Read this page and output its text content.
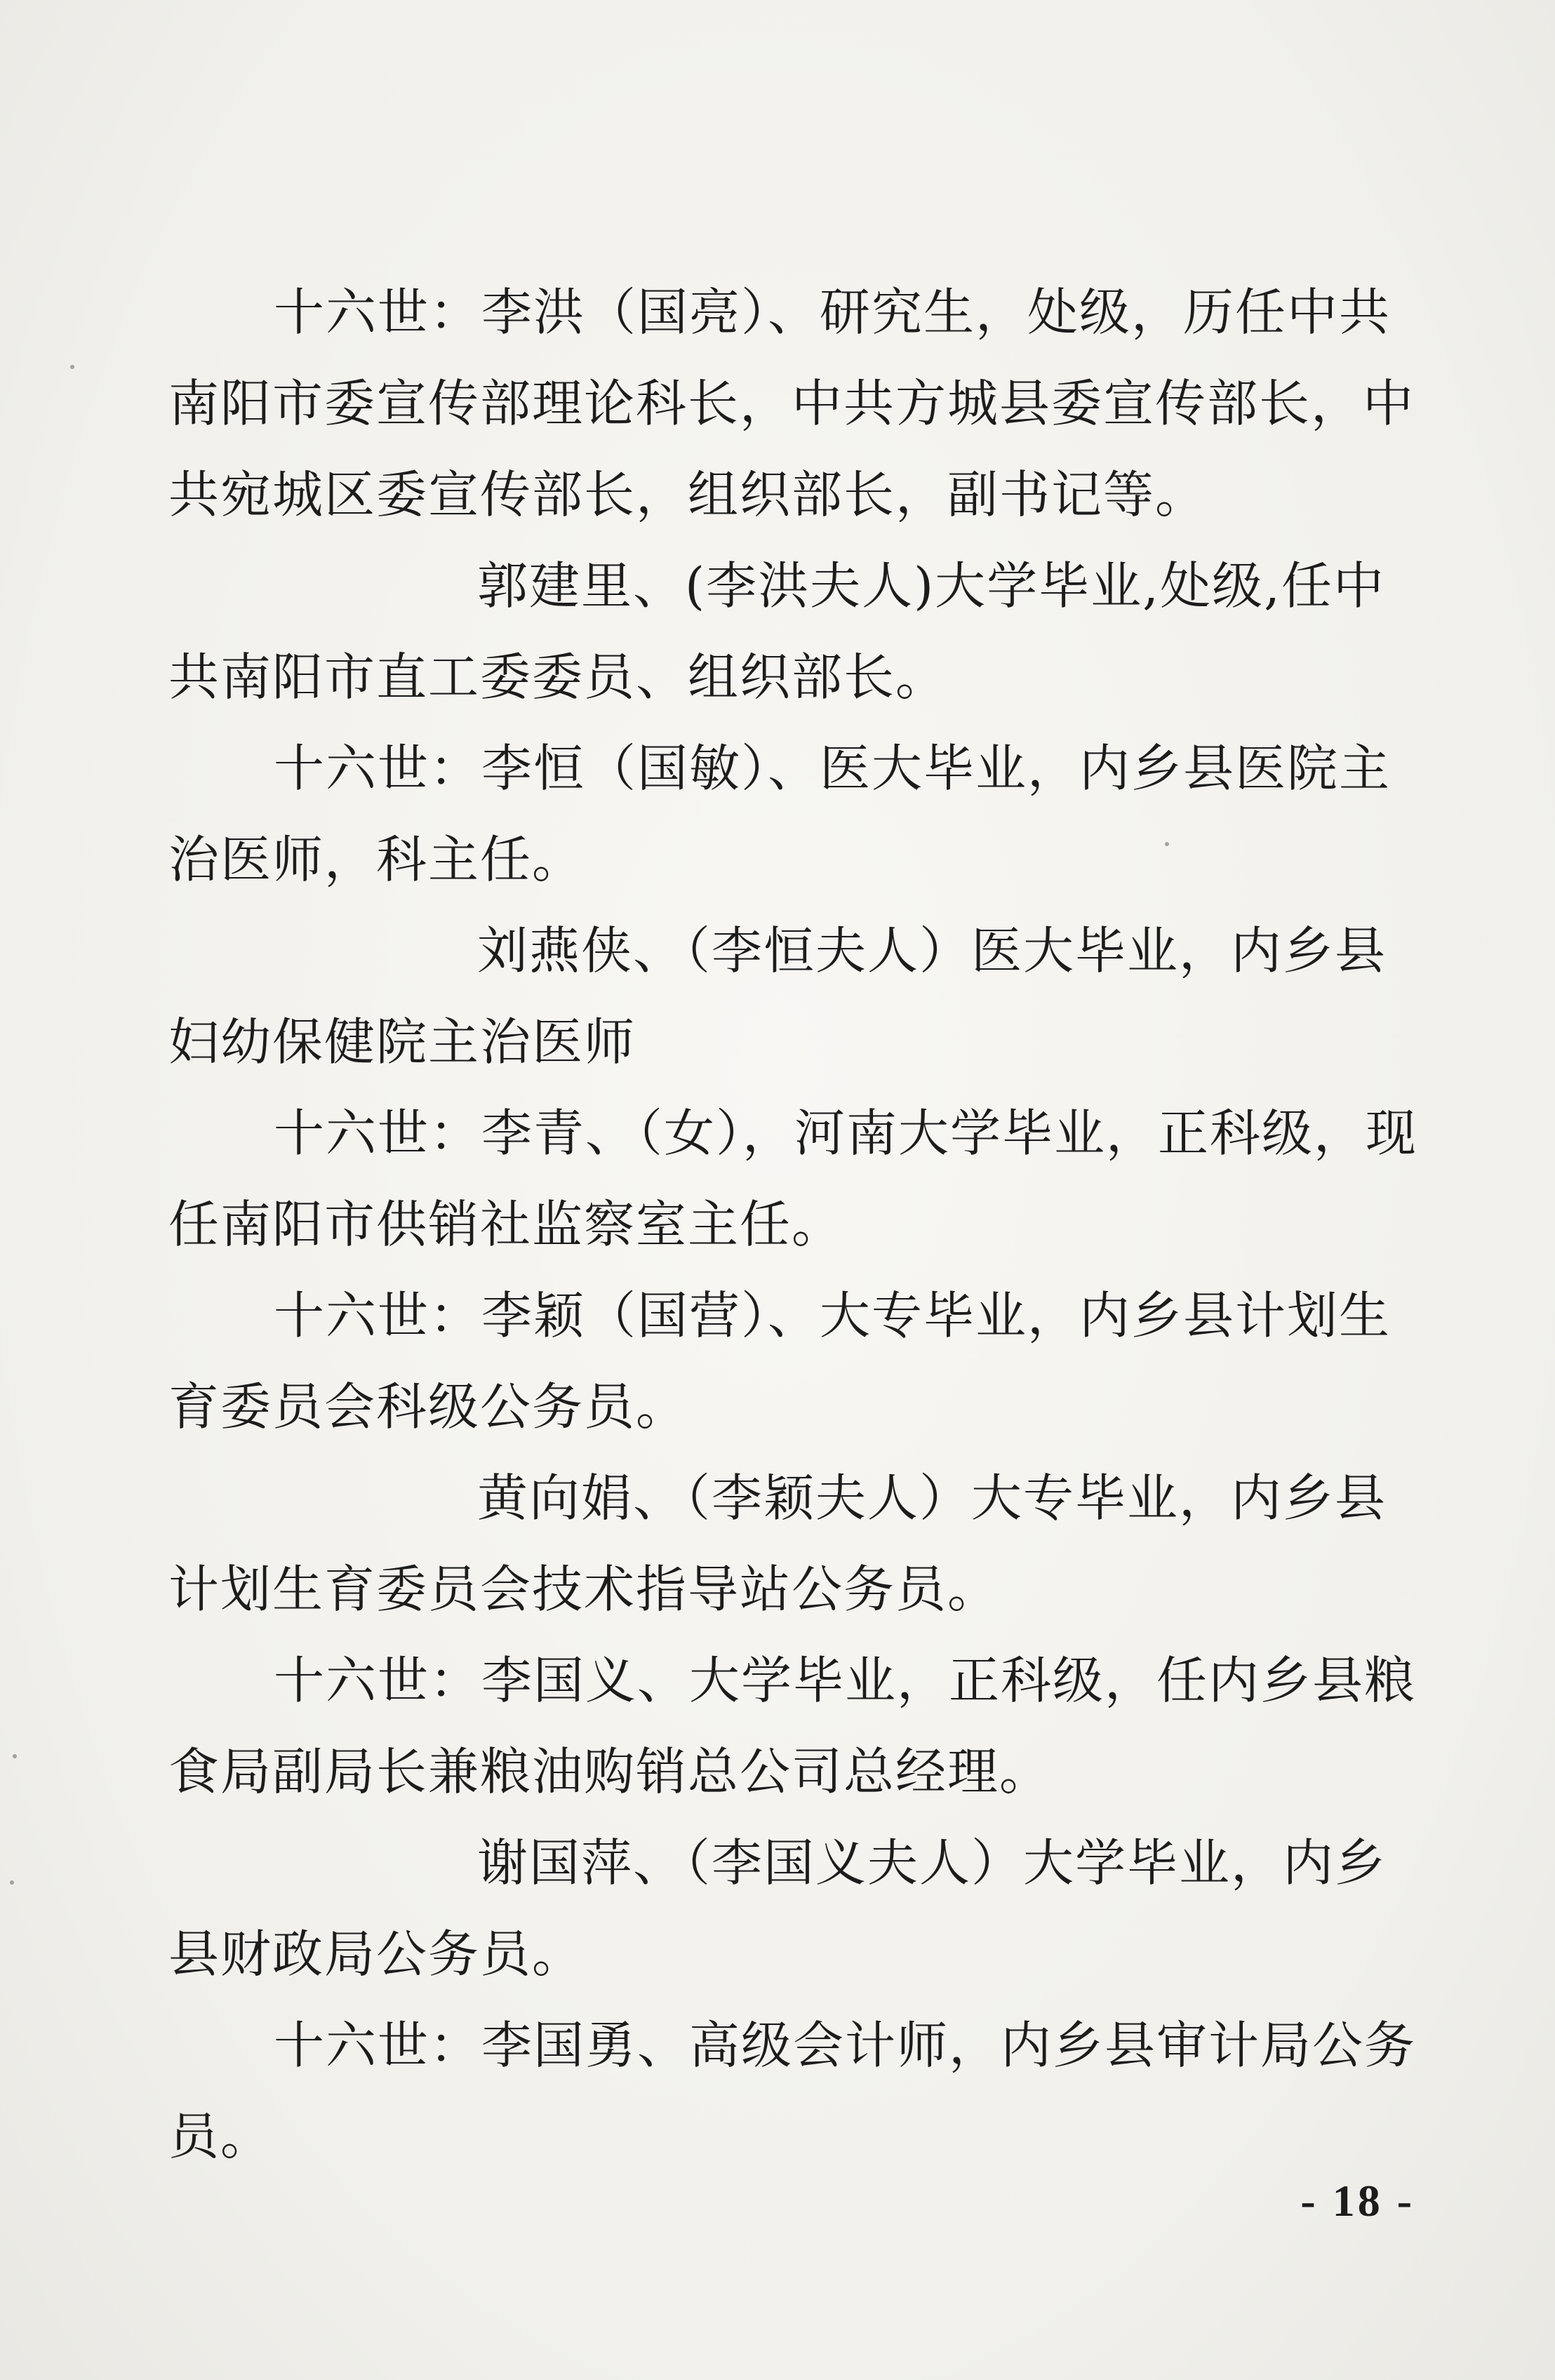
十六世：李洪（国亮）、研究生，处级，历任中共南阳市委宣传部理论科长，中共方城县委宣传部长，中共宛城区委宣传部长，组织部长，副书记等。

郭建里、(李洪夫人)大学毕业,处级,任中共南阳市直工委委员、组织部长。

十六世：李恒（国敏）、医大毕业，内乡县医院主治医师，科主任。

刘燕侠、（李恒夫人）医大毕业，内乡县妇幼保健院主治医师

十六世：李青、（女），河南大学毕业，正科级，现任南阳市供销社监察室主任。

十六世：李颖（国营）、大专毕业，内乡县计划生育委员会科级公务员。

黄向娟、（李颖夫人）大专毕业，内乡县计划生育委员会技术指导站公务员。

十六世：李国义、大学毕业，正科级，任内乡县粮食局副局长兼粮油购销总公司总经理。

谢国萍、（李国义夫人）大学毕业，内乡县财政局公务员。

十六世：李国勇、高级会计师，内乡县审计局公务员。

- 18 -
